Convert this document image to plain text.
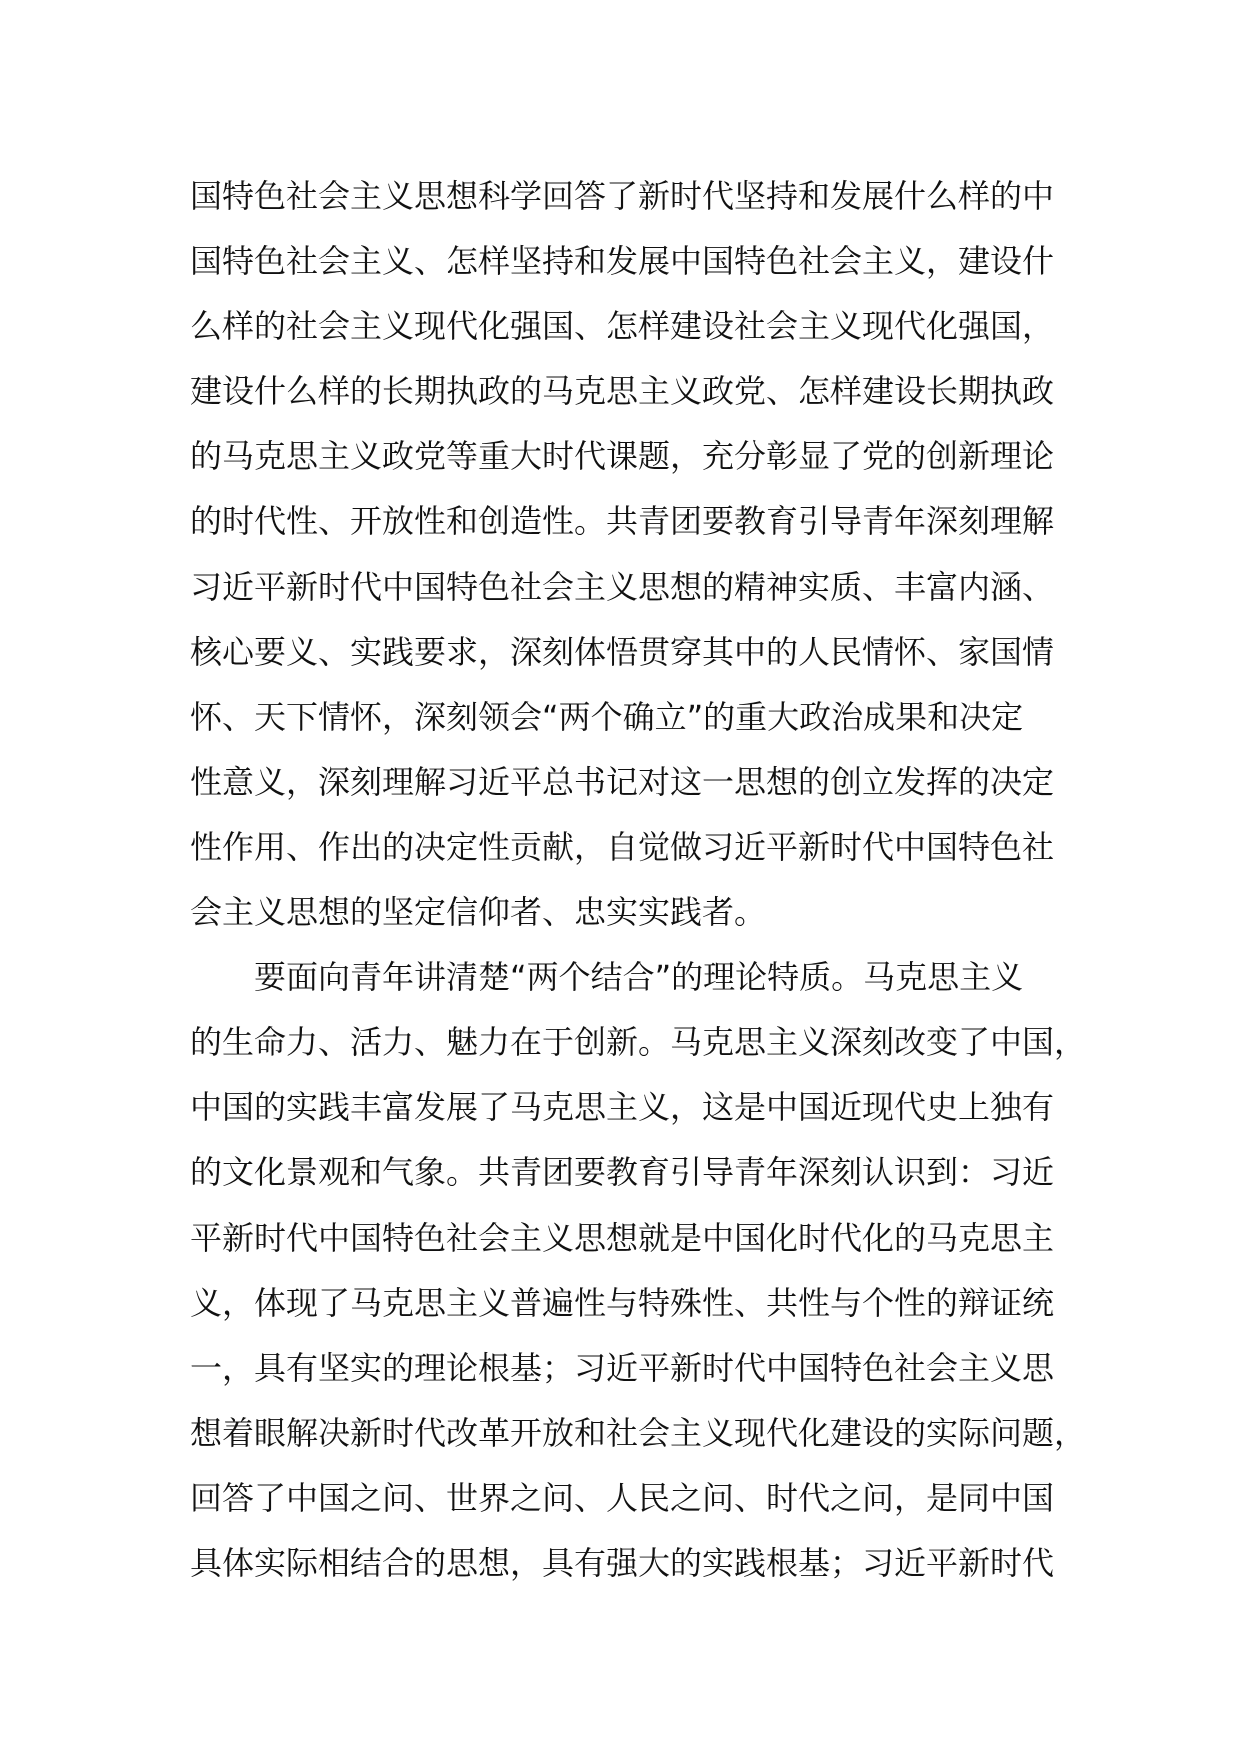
国特色社会主义思想科学回答了新时代坚持和发展什么样的中
国特色社会主义、怎样坚持和发展中国特色社会主义，建设什
么样的社会主义现代化强国、怎样建设社会主义现代化强国，
建设什么样的长期执政的马克思主义政党、怎样建设长期执政
的马克思主义政党等重大时代课题，充分彰显了党的创新理论
的时代性、开放性和创造性。共青团要教育引导青年深刻理解
习近平新时代中国特色社会主义思想的精神实质、丰富内涵、
核心要义、实践要求，深刻体悟贯穿其中的人民情怀、家国情
怀、天下情怀，深刻领会“两个确立”的重大政治成果和决定
性意义，深刻理解习近平总书记对这一思想的创立发挥的决定
性作用、作出的决定性贡献，自觉做习近平新时代中国特色社
会主义思想的坚定信仰者、忠实实践者。
　　要面向青年讲清楚“两个结合”的理论特质。马克思主义
的生命力、活力、魅力在于创新。马克思主义深刻改变了中国，
中国的实践丰富发展了马克思主义，这是中国近现代史上独有
的文化景观和气象。共青团要教育引导青年深刻认识到：习近
平新时代中国特色社会主义思想就是中国化时代化的马克思主
义，体现了马克思主义普遍性与特殊性、共性与个性的辩证统
一，具有坚实的理论根基；习近平新时代中国特色社会主义思
想着眼解决新时代改革开放和社会主义现代化建设的实际问题，
回答了中国之问、世界之问、人民之问、时代之问，是同中国
具体实际相结合的思想，具有强大的实践根基；习近平新时代
